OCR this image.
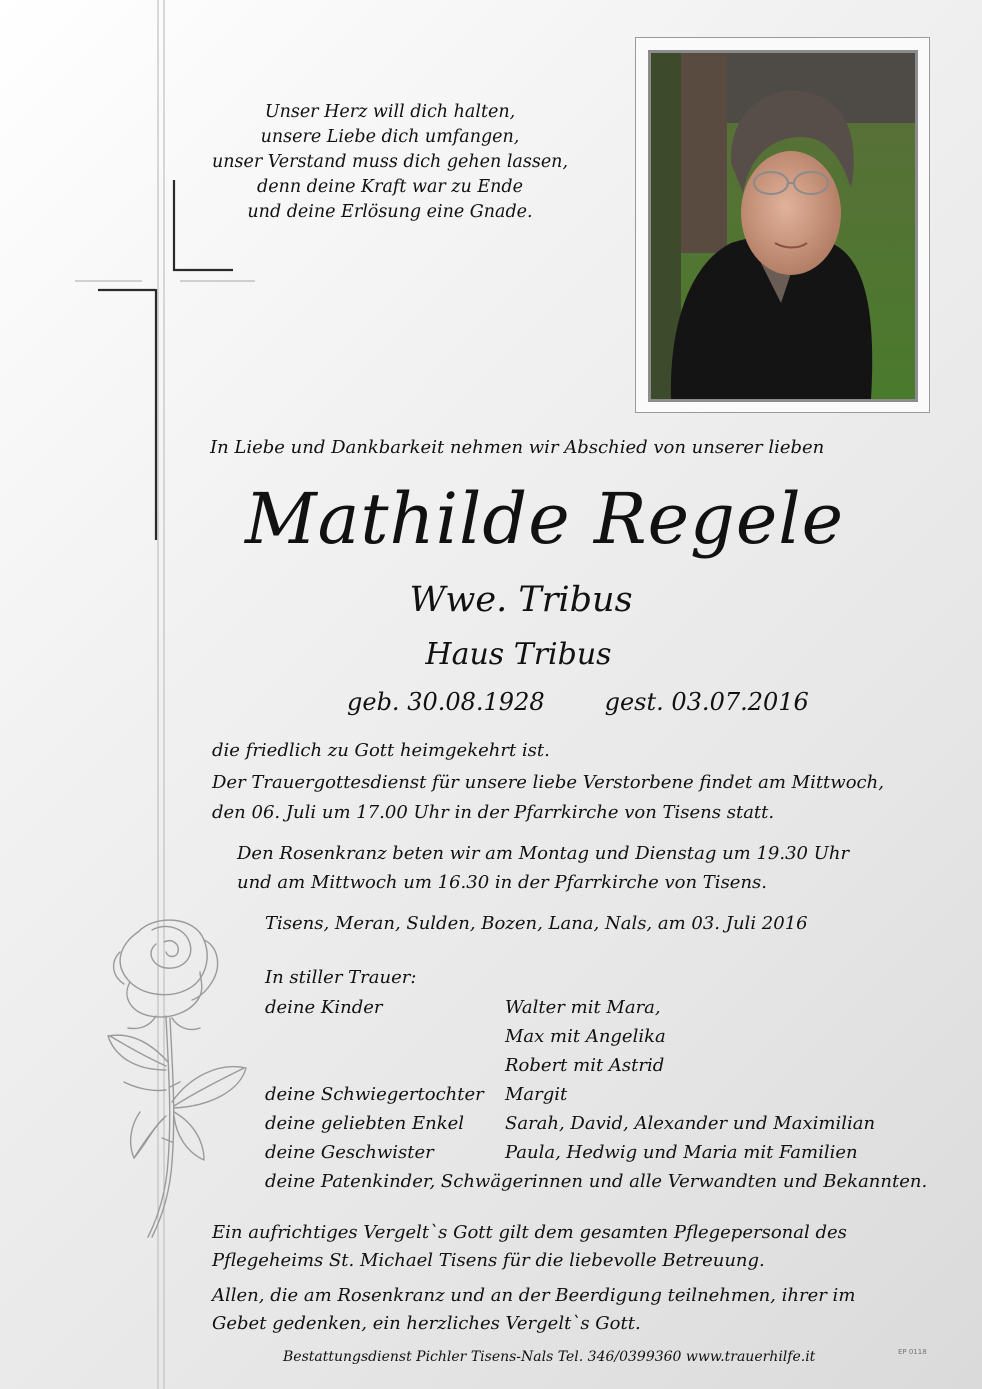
Unser Herz will dich halten,
unsere Liebe dich umfangen,
unser Verstand muss dich gehen lassen,
denn deine Kraft war zu Ende
und deine Erlösung eine Gnade.
In Liebe und Dankbarkeit nehmen wir Abschied von unserer lieben
Mathilde Regele
Wwe. Tribus
Haus Tribus
geb. 30.08.1928	gest. 03.07.2016
die friedlich zu Gott heimgekehrt ist.
Der Trauergottesdienst für unsere liebe Verstorbene findet am Mittwoch,
den 06. Juli um 17.00 Uhr in der Pfarrkirche von Tisens statt.
Den Rosenkranz beten wir am Montag und Dienstag um 19.30 Uhr
und am Mittwoch um 16.30 in der Pfarrkirche von Tisens.
Tisens, Meran, Sulden, Bozen, Lana, Nals, am 03. Juli 2016
In stiller Trauer:
deine Kinder	Walter mit Mara,
Max mit Angelika
Robert mit Astrid
deine Schwiegertochter Margit
deine geliebten Enkel Sarah, David, Alexander und Maximilian
deine Geschwister	Paula, Hedwig und Maria mit Familien
deine Patenkinder, Schwägerinnen und alle Verwandten und Bekannten.
Ein aufrichtiges Vergelt`s Gott gilt dem gesamten Pflegepersonal des
Pflegeheims St. Michael Tisens für die liebevolle Betreuung.
Allen, die am Rosenkranz und an der Beerdigung teilnehmen, ihrer im
Gebet gedenken, ein herzliches Vergelt`s Gott.
Bestattungsdienst Pichler Tisens-Nals Tel. 346/0399360 www.trauerhilfe.it	EP 0118
